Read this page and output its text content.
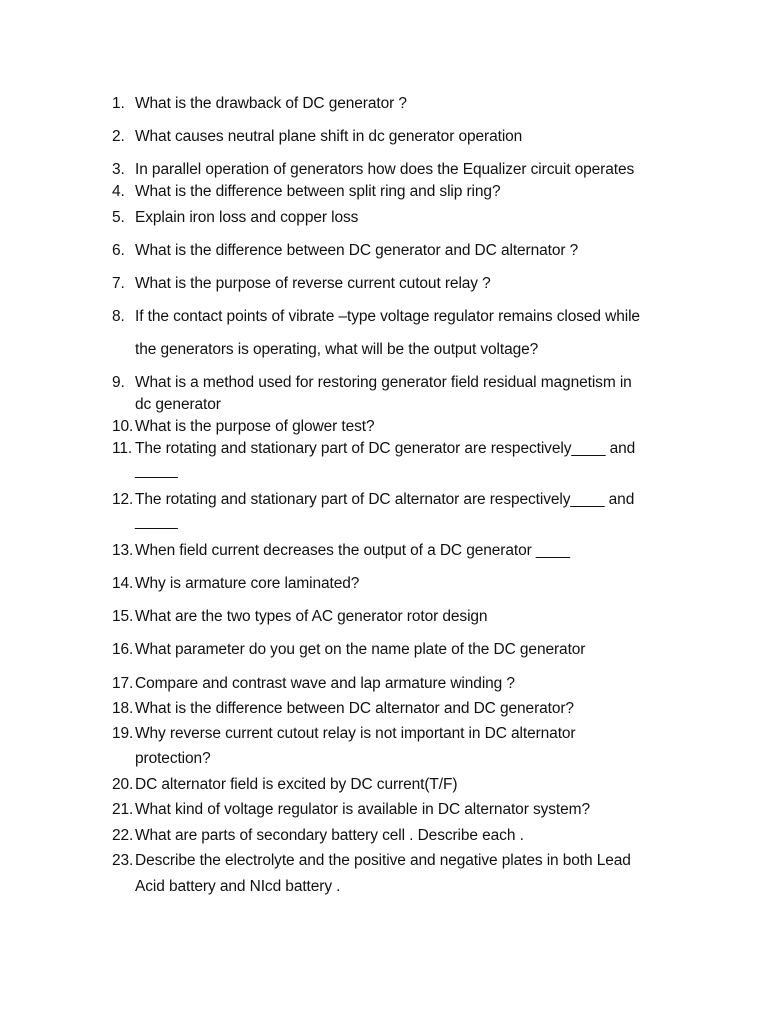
1. What is the drawback of DC generator ?
2. What causes neutral plane shift in dc generator operation
3. In parallel operation of generators how does the Equalizer circuit operates
4. What is the difference between split ring and slip ring?
5. Explain iron loss and copper loss
6. What is the difference between DC generator and DC alternator ?
7. What is the purpose of reverse current cutout relay ?
8. If the contact points of vibrate –type voltage regulator remains closed while
the generators is operating, what will be the output voltage?
9. What is a method used for restoring generator field residual magnetism in
dc generator
10. What is the purpose of glower test?
11. The rotating and stationary part of DC generator are respectively____ and
_____
12. The rotating and stationary part of DC alternator are respectively____ and
_____
13. When field current decreases the output of a DC generator ____
14. Why is armature core laminated?
15. What are the two types of AC generator rotor design
16. What parameter do you get on the name plate of the DC generator
17. Compare and contrast wave and lap armature winding ?
18. What is the difference between DC alternator and DC generator?
19. Why reverse current cutout relay is not important in DC alternator
protection?
20. DC alternator field is excited by DC current(T/F)
21. What kind of voltage regulator is available in DC alternator system?
22. What are parts of secondary battery cell . Describe each .
23. Describe the electrolyte and the positive and negative plates in both Lead
Acid battery and NIcd battery .
